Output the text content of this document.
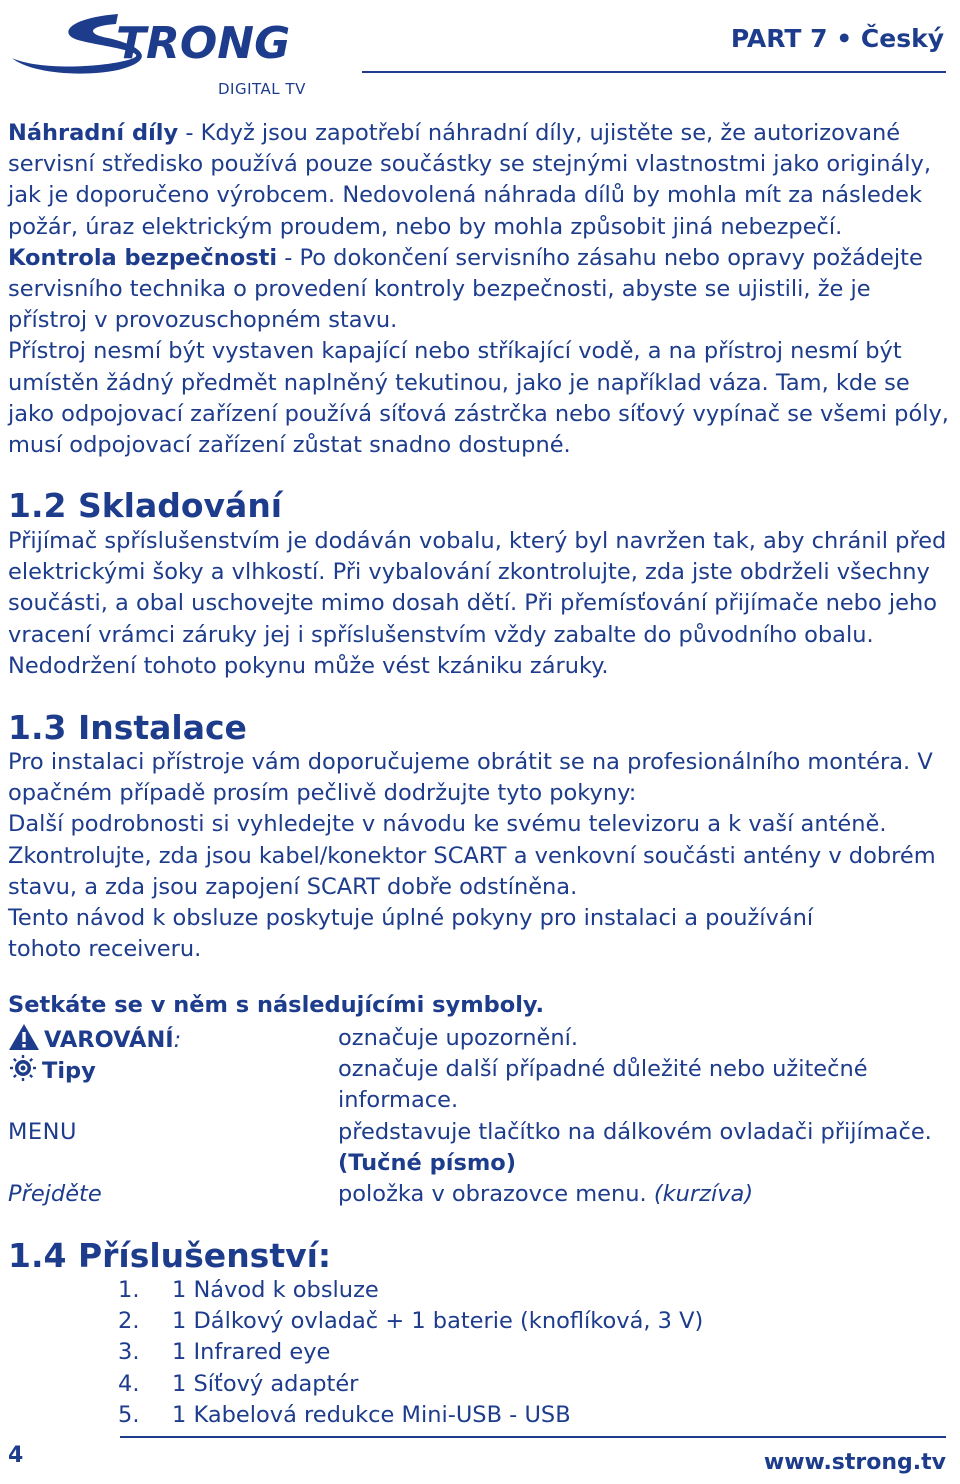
TRONG
DIGITAL TV
PART 7 • Český

Náhradní díly - Když jsou zapotřebí náhradní díly, ujistěte se, že autorizované servisní středisko používá pouze součástky se stejnými vlastnostmi jako originály, jak je doporučeno výrobcem. Nedovolená náhrada dílů by mohla mít za následek požár, úraz elektrickým proudem, nebo by mohla způsobit jiná nebezpečí.

Kontrola bezpečnosti - Po dokončení servisního zásahu nebo opravy požádejte servisního technika o provedení kontroly bezpečnosti, abyste se ujistili, že je přístroj v provozuschopném stavu.

Přístroj nesmí být vystaven kapající nebo stříkající vodě, a na přístroj nesmí být umístěn žádný předmět naplněný tekutinou, jako je například váza. Tam, kde se jako odpojovací zařízení používá síťová zástrčka nebo síťový vypínač se všemi póly, musí odpojovací zařízení zůstat snadno dostupné.

1.2 Skladování

Přijímač spříslušenstvím je dodáván vobalu, který byl navržen tak, aby chránil před elektrickými šoky a vlhkostí. Při vybalování zkontrolujte, zda jste obdrželi všechny součásti, a obal uschovejte mimo dosah dětí. Při přemísťování přijímače nebo jeho vracení vrámci záruky jej i spříslušenstvím vždy zabalte do původního obalu. Nedodržení tohoto pokynu může vést kzániku záruky.

1.3 Instalace

Pro instalaci přístroje vám doporučujeme obrátit se na profesionálního montéra. V opačném případě prosím pečlivě dodržujte tyto pokyny:

Další podrobnosti si vyhledejte v návodu ke svému televizoru a k vaší anténě.

Zkontrolujte, zda jsou kabel/konektor SCART a venkovní součásti antény v dobrém stavu, a zda jsou zapojení SCART dobře odstíněna.

Tento návod k obsluze poskytuje úplné pokyny pro instalaci a používání

tohoto receiveru.

Setkáte se v něm s následujícími symboly.
VAROVÁNÍ:	označuje upozornění.
Tipy	označuje další případné důležité nebo užitečné informace.
MENU	představuje tlačítko na dálkovém ovladači přijímače.
(Tučné písmo)
Přejděte	položka v obrazovce menu. (kurzíva)
1.4 Příslušenství:
1. 1 Návod k obsluze
2. 1 Dálkový ovladač + 1 baterie (knoflíková, 3 V)
3. 1 Infrared eye
4. 1 Síťový adaptér
5. 1 Kabelová redukce Mini-USB - USB
4	www.strong.tv
